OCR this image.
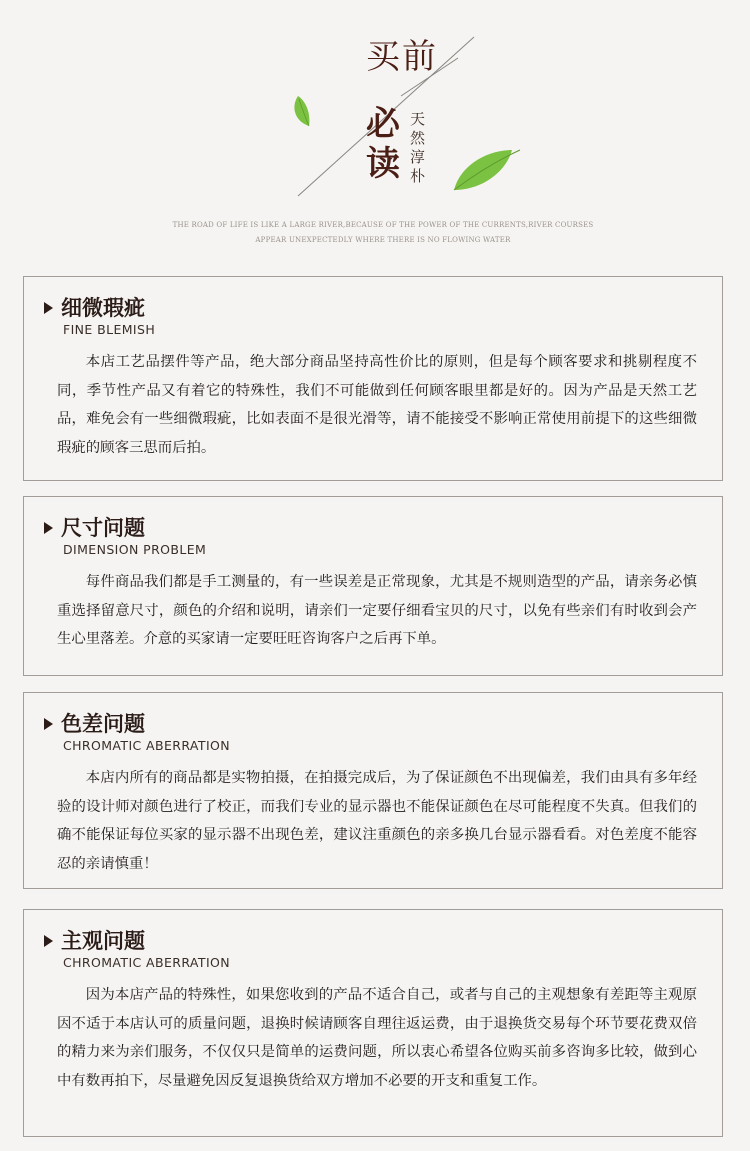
买前
必读
天然淳朴
THE ROAD OF LIFE IS LIKE A LARGE RIVER,BECAUSE OF THE POWER OF THE CURRENTS,RIVER COURSES
APPEAR UNEXPECTEDLY WHERE THERE IS NO FLOWING WATER
细微瑕疵
FINE BLEMISH
本店工艺品摆件等产品，绝大部分商品坚持高性价比的原则，但是每个顾客要求和挑剔程度不同，季节性产品又有着它的特殊性，我们不可能做到任何顾客眼里都是好的。因为产品是天然工艺品，难免会有一些细微瑕疵，比如表面不是很光滑等，请不能接受不影响正常使用前提下的这些细微瑕疵的顾客三思而后拍。
尺寸问题
DIMENSION PROBLEM
每件商品我们都是手工测量的，有一些误差是正常现象，尤其是不规则造型的产品，请亲务必慎重选择留意尺寸，颜色的介绍和说明，请亲们一定要仔细看宝贝的尺寸，以免有些亲们有时收到会产生心里落差。介意的买家请一定要旺旺咨询客户之后再下单。
色差问题
CHROMATIC ABERRATION
本店内所有的商品都是实物拍摄，在拍摄完成后，为了保证颜色不出现偏差，我们由具有多年经验的设计师对颜色进行了校正，而我们专业的显示器也不能保证颜色在尽可能程度不失真。但我们的确不能保证每位买家的显示器不出现色差，建议注重颜色的亲多换几台显示器看看。对色差度不能容忍的亲请慎重！
主观问题
CHROMATIC ABERRATION
因为本店产品的特殊性，如果您收到的产品不适合自己，或者与自己的主观想象有差距等主观原因不适于本店认可的质量问题，退换时候请顾客自理往返运费，由于退换货交易每个环节要花费双倍的精力来为亲们服务，不仅仅只是简单的运费问题，所以衷心希望各位购买前多咨询多比较，做到心中有数再拍下，尽量避免因反复退换货给双方增加不必要的开支和重复工作。
